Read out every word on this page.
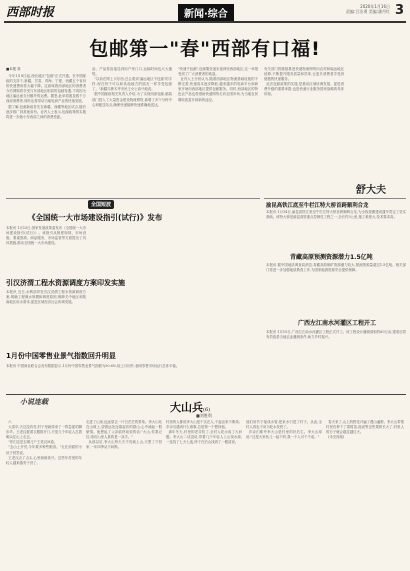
西部时报	新闻·综合
2020年1月16日
责编:吕洁勇 美编:潘丹红 3
包邮第一"春"西部有口福!
■本报 刘
今年1月8日起,西北地区"包邮"正式开通。在中国邮政的支持下,新疆、甘肃、青海、宁夏、西藏五个省份的快递费用将大幅下降。这意味着西部地区的消费者今后网购将享受与东部地区相同的包邮待遇,不再因为地区偏远而支付额外的运费。据悉,此举将惠及数千万西部消费者,同时也将带动当地电商产业的快速发展。
据了解,包邮新政首先在新疆、西藏等地区试点,随后逐步推广到其他省份。业内人士表示,包邮政策的实施将进一步缩小东西部之间的消费差距。
品、产品将直接送到用户家门口,运输时间也大大缩短。
"以前在网上买东西,总会看到'偏远地区不包邮'的字样,现在终于可以和其他地方的朋友一样享受包邮了。"新疆乌鲁木齐市民王女士高兴地说。
据中国邮政相关负责人介绍,为了实现西部包邮,邮政部门投入了大量资金建设物流网络,新增了多个分拣中心和配送站点,确保快递能够快速准确地送达。
"快递不包邮",包邮服务逐步延伸至西部地区,这一举措受到了广大消费者的欢迎。
业内人士分析认为,随着西部地区物流基础设施的不断完善,快递成本逐步降低,越来越多的电商平台和商家开始向西部地区提供包邮服务。同时,西部地区的特色农产品也将借助快递网络走向全国市场,为当地农民增收致富开辟新的途径。
有关部门将继续推进快递物流网络向农村和偏远地区延伸,不断提升服务质量和效率,让更多消费者享受到便捷的快递服务。
此次包邮政策的实施,是推动区域协调发展、促进消费升级的重要举措,也是快递行业服务国家战略的具体体现。
舒大夫
全国短波
《全国统一大市场建设指引(试行)》发布
本报讯 1月15日,国家发展改革委发布《全国统一大市场建设指引(试行)》。该指引从制度规则、市场设施、要素资源、商品服务、市场监管等方面提出了具体措施,推动全国统一大市场建设。
引汉济渭工程水资源调度方案印发实施
本报讯 近日,水利部印发引汉济渭工程水资源调度方案,明确工程调水规模和调度原则,保障关中地区和陕南地区用水需求,促进区域经济社会协调发展。
1月份中国零售业景气指数回升明显
本报讯 中国商业联合会发布数据显示,1月份中国零售业景气指数为50.6%,较上月回升,表明零售市场运行总体平稳。
渝昆高铁江底至牛栏江特大桥首跨顺利合龙
本报讯 1月14日,渝昆高铁江底至牛栏江特大桥首跨顺利合龙,为全线按期建成通车奠定了坚实基础。该特大桥是渝昆高铁重点控制性工程之一,全长约3公里,施工难度大,技术要求高。
青藏高原预测资源潜力1.5亿吨
本报讯 据中国地质调查局消息,青藏高原铜矿资源潜力较大,预测资源量超过1.5亿吨。相关部门将进一步加强地质勘查工作,为国家能源资源安全提供保障。
广西左江南水河灌区工程开工
本报讯 1月15日,广西左江南水河灌区工程正式开工。该工程设计灌溉面积约60万亩,建成后将有效改善当地农业灌溉条件,助力乡村振兴。
小说连载	大山兵(6)
■刘胜利
六
大清早,天还没有亮,村子里就传来了一阵急促的脚步声。王老汉披着衣服推开门,只见几个年轻人扛着锄头往山上走去。
"你们这是去哪儿?"王老汉问道。
"去山上开荒,今年要多种些粮食。"走在前面的小伙子回答说。
王老汉点了点头,心里暗暗高兴。这些年村里的年轻人越来越有干劲了。
走进了山里,远远望去一片白茫茫的景象。李大山站在山坡上,望着远处连绵起伏的群山,心中涌起一股豪情。他想起了父亲临终前说的话:"大山,你要记住,咱们山里人靠的是一双手。"
从那以后,李大山每天天不亮就上山,天黑了才回家,一年四季从不间断。
村里的人都说李大山是个实在人,干起活来不要命。乡亲们遇到什么难事,总是第一个想到他。
那年冬天,村里的老井枯了,全村人吃水成了大问题。李大山二话没说,带着几个年轻人上山找水源,一连找了七天七夜,终于在后山找到了一眼清泉。
他们用竹子接成水管,把泉水引进了村子。从此,全村人再也不用为吃水发愁了。
乡亲们都夸李大山是村里的好后生。李大山却说:"这是大家伙儿一起干的,我一个人可干不成。"
春天来了,山上的野花开遍了漫山遍野。李大山带领村民们种下了果树苗,他说等这些果树长大了,村里人的日子就会越过越红火。
(未完待续)
